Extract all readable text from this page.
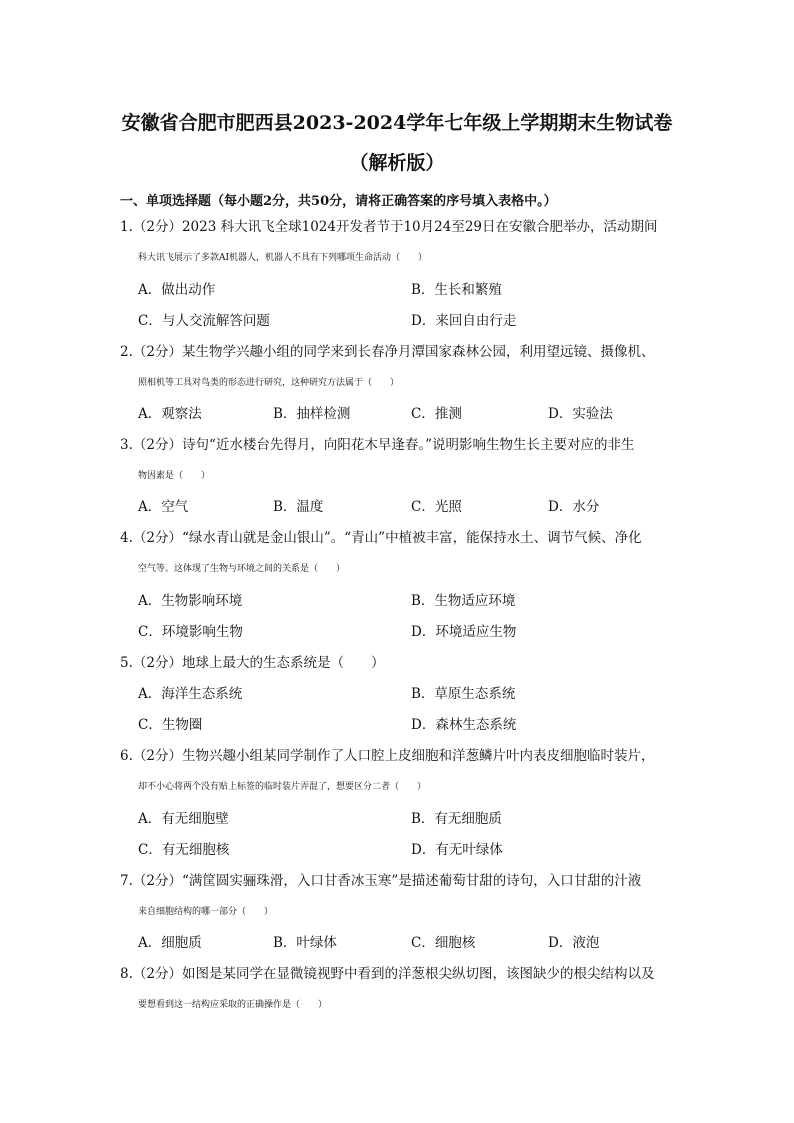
安徽省合肥市肥西县2023-2024学年七年级上学期期末生物试卷
（解析版）
一、单项选择题（每小题2分，共50分，请将正确答案的序号填入表格中。）
1.（2分）2023 科大讯飞全球1024开发者节于10月24至29日在安徽合肥举办，活动期间
科大讯飞展示了多款AI机器人，机器人不具有下列哪项生命活动（　　）
A．做出动作	B．生长和繁殖
C．与人交流解答问题	D．来回自由行走
2.（2分）某生物学兴趣小组的同学来到长春净月潭国家森林公园，利用望远镜、摄像机、
照相机等工具对鸟类的形态进行研究，这种研究方法属于（　　）
A．观察法	B．抽样检测	C．推测	D．实验法
3.（2分）诗句“近水楼台先得月，向阳花木早逢春。”说明影响生物生长主要对应的非生
物因素是（　　）
A．空气	B．温度	C．光照	D．水分
4.（2分）“绿水青山就是金山银山”。“青山”中植被丰富，能保持水土、调节气候、净化
空气等。这体现了生物与环境之间的关系是（　　）
A．生物影响环境	B．生物适应环境
C．环境影响生物	D．环境适应生物
5.（2分）地球上最大的生态系统是（　　）
A．海洋生态系统	B．草原生态系统
C．生物圈	D．森林生态系统
6.（2分）生物兴趣小组某同学制作了人口腔上皮细胞和洋葱鳞片叶内表皮细胞临时装片，
却不小心将两个没有贴上标签的临时装片弄混了，想要区分二者（　　）
A．有无细胞壁	B．有无细胞质
C．有无细胞核	D．有无叶绿体
7.（2分）“满筐圆实骊珠滑，入口甘香冰玉寒”是描述葡萄甘甜的诗句，入口甘甜的汁液
来自细胞结构的哪一部分（　　）
A．细胞质	B．叶绿体	C．细胞核	D．液泡
8.（2分）如图是某同学在显微镜视野中看到的洋葱根尖纵切图，该图缺少的根尖结构以及
要想看到这一结构应采取的正确操作是（　　）
